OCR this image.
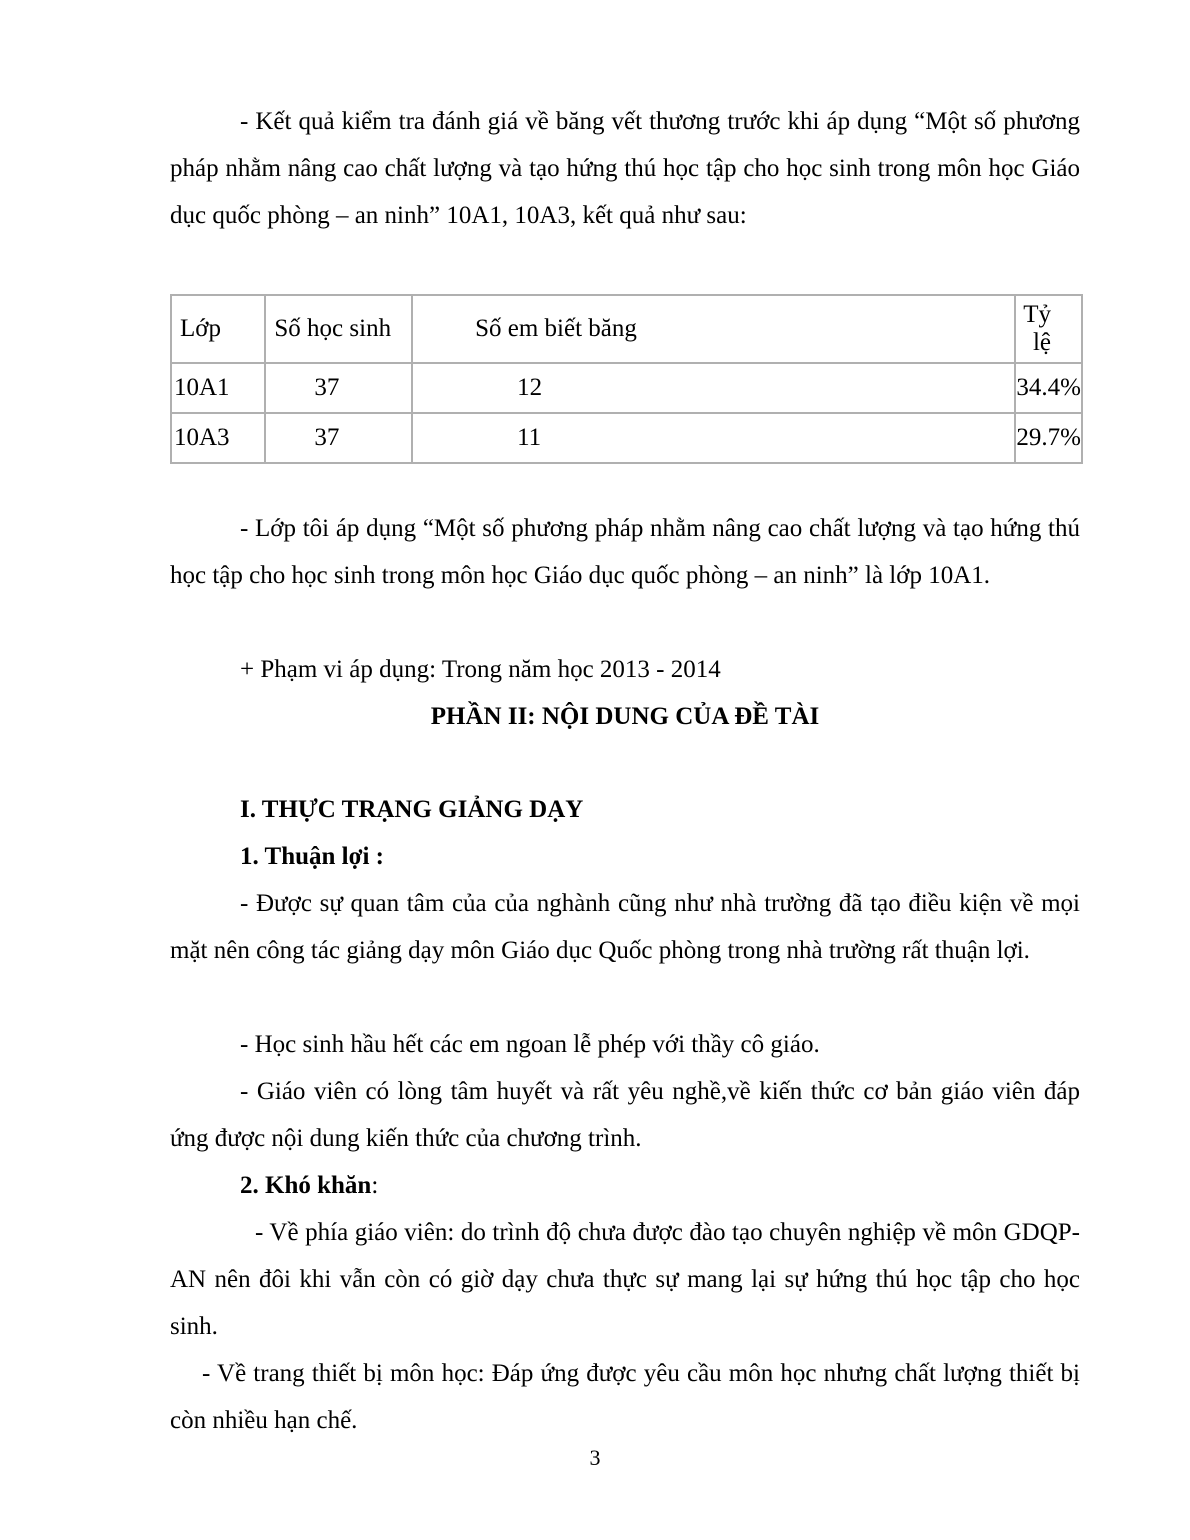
- Kết quả kiểm tra đánh giá về băng vết thương trước khi áp dụng “Một số phương pháp nhằm nâng cao chất lượng và tạo hứng thú học tập cho học sinh trong môn học Giáo dục quốc phòng – an ninh” 10A1, 10A3, kết quả như sau:

Lớp	Số học sinh	Số em biết băng	Tỷ lệ
10A1	37	12	34.4%
10A3	37	11	29.7%

- Lớp tôi áp dụng “Một số phương pháp nhằm nâng cao chất lượng và tạo hứng thú học tập cho học sinh trong môn học Giáo dục quốc phòng – an ninh” là lớp 10A1.

+ Phạm vi áp dụng: Trong năm học 2013 - 2014

PHẦN II: NỘI DUNG CỦA ĐỀ TÀI

I. THỰC TRẠNG GIẢNG DẠY

1. Thuận lợi :

- Được sự quan tâm của của nghành cũng như nhà trường đã tạo điều kiện về mọi mặt nên công tác giảng dạy môn Giáo dục Quốc phòng trong nhà trường rất thuận lợi.

- Học sinh hầu hết các em ngoan lễ phép với thầy cô giáo.

- Giáo viên có lòng tâm huyết và rất yêu nghề,về kiến thức cơ bản giáo viên đáp ứng được nội dung kiến thức của chương trình.

2. Khó khăn:

- Về phía giáo viên: do trình độ chưa được đào tạo chuyên nghiệp về môn GDQP-AN nên đôi khi vẫn còn có giờ dạy chưa thực sự mang lại sự hứng thú học tập cho học sinh.

- Về trang thiết bị môn học: Đáp ứng được yêu cầu môn học nhưng chất lượng thiết bị còn nhiều hạn chế.

3
